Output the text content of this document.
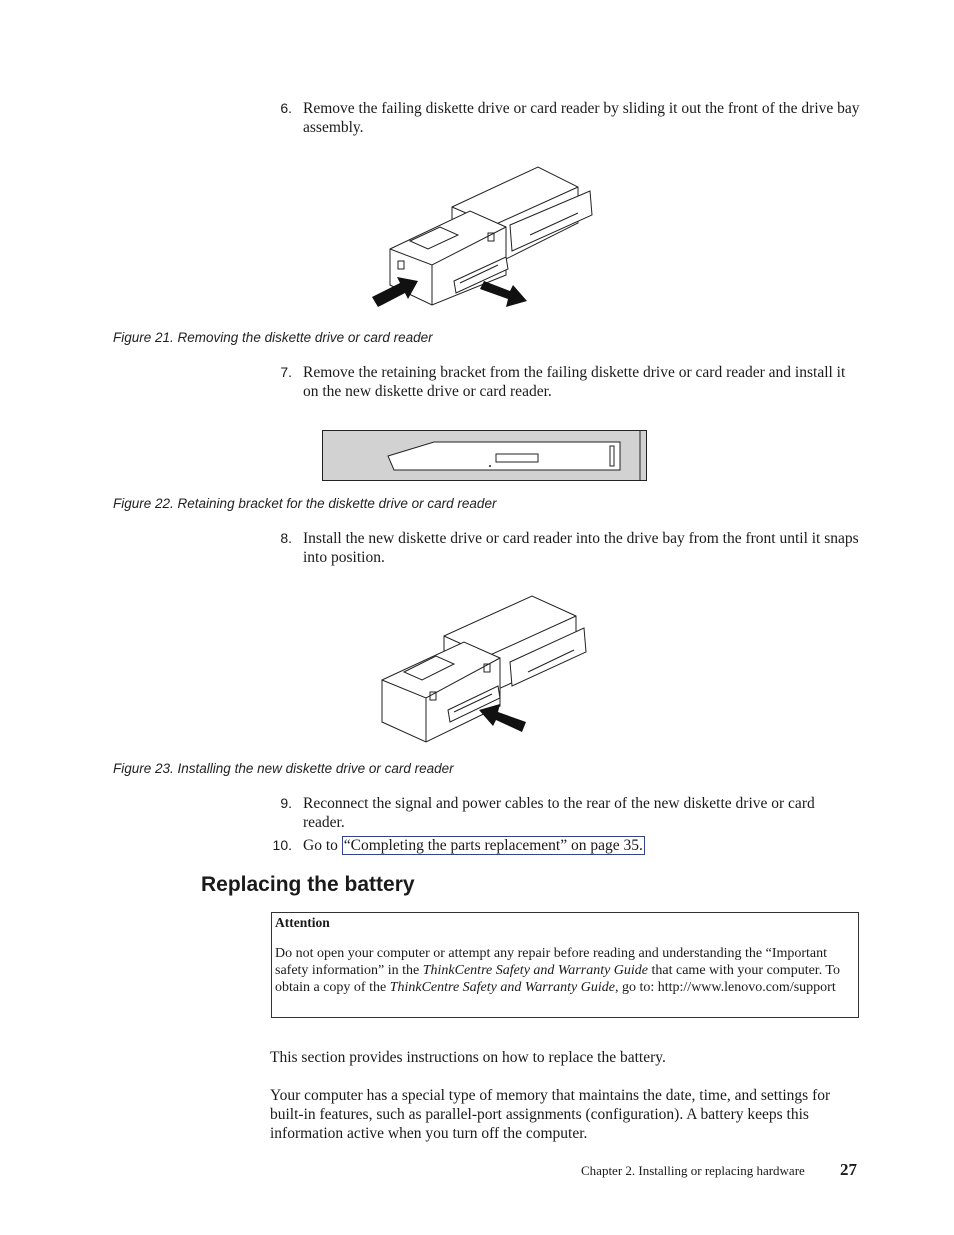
6. Remove the failing diskette drive or card reader by sliding it out the front of the drive bay assembly.
Figure 21. Removing the diskette drive or card reader
7. Remove the retaining bracket from the failing diskette drive or card reader and install it on the new diskette drive or card reader.
Figure 22. Retaining bracket for the diskette drive or card reader
8. Install the new diskette drive or card reader into the drive bay from the front until it snaps into position.
Figure 23. Installing the new diskette drive or card reader
9. Reconnect the signal and power cables to the rear of the new diskette drive or card reader.
10. Go to “Completing the parts replacement” on page 35.
Replacing the battery
Attention
Do not open your computer or attempt any repair before reading and understanding the “Important safety information” in the ThinkCentre Safety and Warranty Guide that came with your computer. To obtain a copy of the ThinkCentre Safety and Warranty Guide, go to: http://www.lenovo.com/support
This section provides instructions on how to replace the battery.
Your computer has a special type of memory that maintains the date, time, and settings for built-in features, such as parallel-port assignments (configuration). A battery keeps this information active when you turn off the computer.
Chapter 2. Installing or replacing hardware 27
